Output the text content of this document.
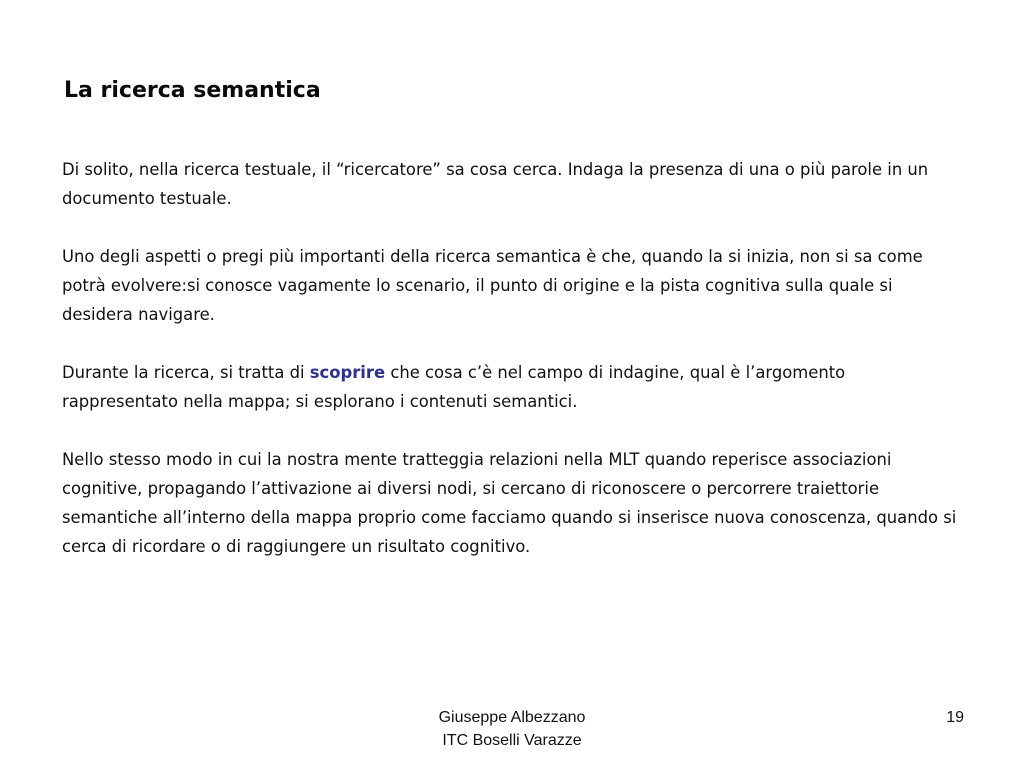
La ricerca semantica

Di solito, nella ricerca testuale, il “ricercatore” sa cosa cerca. Indaga la presenza di una o più parole in un documento testuale.

Uno degli aspetti o pregi più importanti della ricerca semantica è che, quando la si inizia, non si sa come potrà evolvere:si conosce vagamente lo scenario, il punto di origine e la pista cognitiva sulla quale si desidera navigare.

Durante la ricerca, si tratta di scoprire che cosa c’è nel campo di indagine, qual è l’argomento rappresentato nella mappa; si esplorano i contenuti semantici.

Nello stesso modo in cui la nostra mente tratteggia relazioni nella MLT quando reperisce associazioni cognitive, propagando l’attivazione ai diversi nodi, si cercano di riconoscere o percorrere traiettorie semantiche all’interno della mappa proprio come facciamo quando si inserisce nuova conoscenza, quando si cerca di ricordare o di raggiungere un risultato cognitivo.

Giuseppe Albezzano
ITC Boselli Varazze
19
